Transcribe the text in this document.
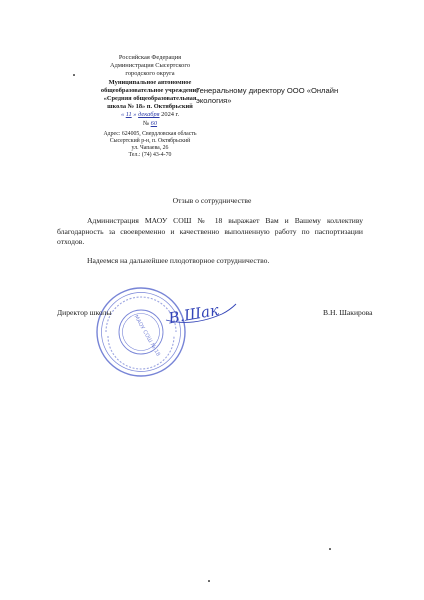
Российская Федерация
Администрация Сысертского
городского округа
Муниципальное автономное
общеобразовательное учреждение
«Средняя общеобразовательная
школа № 18» п. Октябрьский
« 11 » декабря 2024 г.
№ 60
Адрес: 624005, Свердловская область
Сысертский р-н, п. Октябрьский
ул. Чапаева, 26
Тел.: (74) 43-4-70
Генеральному директору ООО «Онлайн экология»
Отзыв о сотрудничестве
Администрация МАОУ СОШ № 18 выражает Вам и Вашему коллективу благодарность за своевременно и качественно выполненную работу по паспортизации отходов.
Надеемся на дальнейшее плодотворное сотрудничество.
МАОУ СОШ № 18
В.Шак
Директор школы	В.Н. Шакирова
